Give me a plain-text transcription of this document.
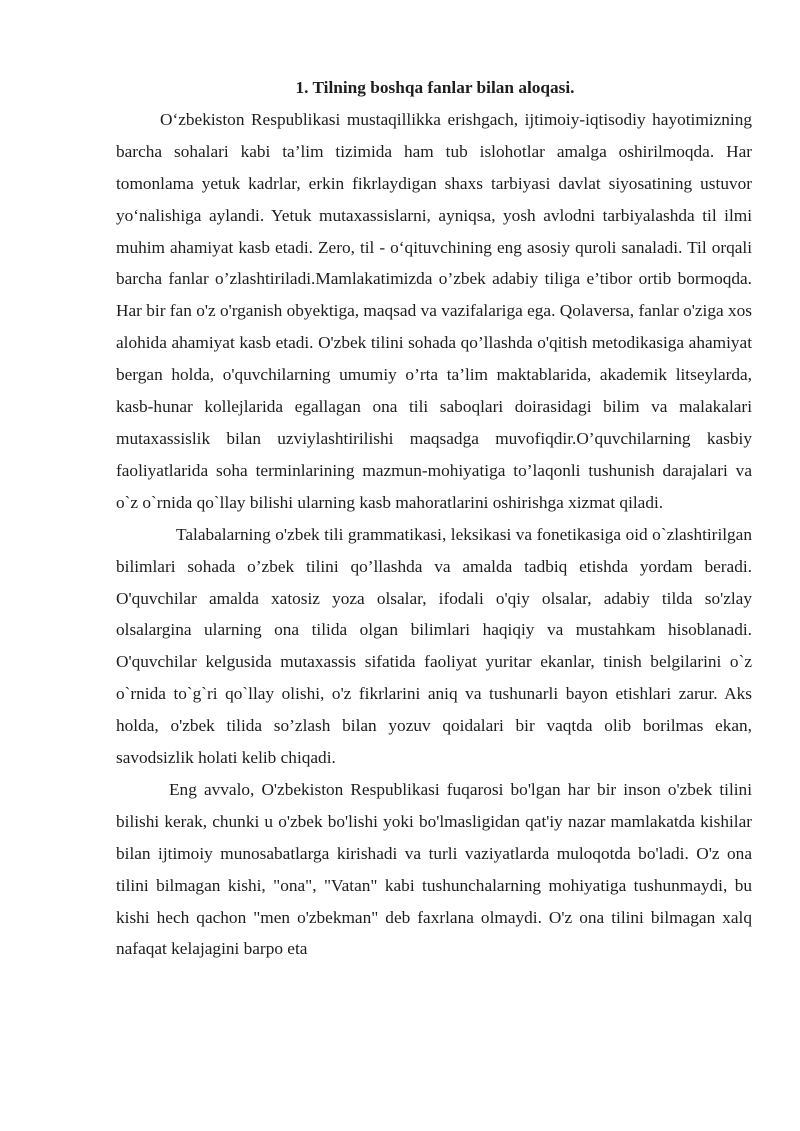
1. Tilning boshqa fanlar bilan aloqasi.

O‘zbekiston Respublikasi mustaqillikka erishgach, ijtimoiy-iqtisodiy hayotimizning barcha sohalari kabi ta’lim tizimida ham tub islohotlar amalga oshirilmoqda. Har tomonlama yetuk kadrlar, erkin fikrlaydigan shaxs tarbiyasi davlat siyosatining ustuvor yo‘nalishiga aylandi. Yetuk mutaxassislarni, ayniqsa, yosh avlodni tarbiyalashda til ilmi muhim ahamiyat kasb etadi. Zero, til - o‘qituvchining eng asosiy quroli sanaladi. Til orqali barcha fanlar o’zlashtiriladi.Mamlakatimizda o’zbek adabiy tiliga e’tibor ortib bormoqda. Har bir fan o'z o'rganish obyektiga, maqsad va vazifalariga ega. Qolaversa, fanlar o'ziga xos alohida ahamiyat kasb etadi. O'zbek tilini sohada qo’llashda o'qitish metodikasiga ahamiyat bergan holda, o'quvchilarning umumiy o’rta ta’lim maktablarida, akademik litseylarda, kasb-hunar kollejlarida egallagan ona tili saboqlari doirasidagi bilim va malakalari mutaxassislik bilan uzviylashtirilishi maqsadga muvofiqdir.O’quvchilarning kasbiy faoliyatlarida soha terminlarining mazmun-mohiyatiga to’laqonli tushunish darajalari va o`z o`rnida qo`llay bilishi ularning kasb mahoratlarini oshirishga xizmat qiladi.

Talabalarning o'zbek tili grammatikasi, leksikasi va fonetikasiga oid o`zlashtirilgan bilimlari sohada o’zbek tilini qo’llashda va amalda tadbiq etishda yordam beradi. O'quvchilar amalda xatosiz yoza olsalar, ifodali o'qiy olsalar, adabiy tilda so'zlay olsalargina ularning ona tilida olgan bilimlari haqiqiy va mustahkam hisoblanadi. O'quvchilar kelgusida mutaxassis sifatida faoliyat yuritar ekanlar, tinish belgilarini o`z o`rnida to`g`ri qo`llay olishi, o'z fikrlarini aniq va tushunarli bayon etishlari zarur. Aks holda, o'zbek tilida so’zlash bilan yozuv qoidalari bir vaqtda olib borilmas ekan, savodsizlik holati kelib chiqadi.

Eng avvalo, O'zbekiston Respublikasi fuqarosi bo'lgan har bir inson o'zbek tilini bilishi kerak, chunki u o'zbek bo'lishi yoki bo'lmasligidan qat'iy nazar mamlakatda kishilar bilan ijtimoiy munosabatlarga kirishadi va turli vaziyatlarda muloqotda bo'ladi. O'z ona tilini bilmagan kishi, "ona", "Vatan" kabi tushunchalarning mohiyatiga tushunmaydi, bu kishi hech qachon "men o'zbekman" deb faxrlana olmaydi. O'z ona tilini bilmagan xalq nafaqat kelajagini barpo eta
